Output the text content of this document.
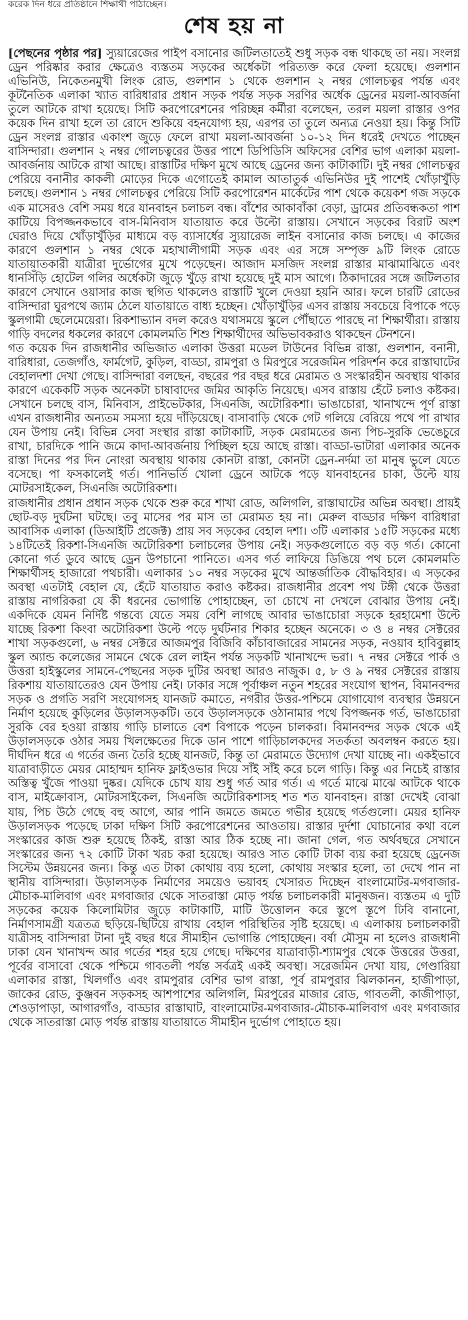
করেক দিন ধরে প্রতিষ্ঠানে শিক্ষার্থী পাঠাচ্ছেন।
শেষ হয় না

[পেছনের পৃষ্ঠার পর] স্যুয়ারেজের পাইপ বসানোর জটিলতাতেই শুধু সড়ক বন্ধ থাকছে তা নয়। সংলগ্ন ড্রেন পরিষ্কার করার ক্ষেত্রেও ব্যস্ততম সড়কের অর্ধেকটা পরিত্যক্ত করে ফেলা হয়েছে। গুলশান এভিনিউ, নিকেতনমুখী লিংক রোড, গুলশান ১ থেকে গুলশান ২ নম্বর গোলচত্বর পর্যন্ত এবং কূটনৈতিক এলাকা খ্যাত বারিধারার প্রধান সড়ক পর্যন্ত সড়ক সরণির অর্ধেক ড্রেনের ময়লা-আবর্জনা তুলে আটকে রাখা হয়েছে। সিটি করপোরেশনের পরিচ্ছন্ন কর্মীরা বলেছেন, তরল ময়লা রাস্তার ওপর কয়েক দিন রাখা হলে তা রোদে শুকিয়ে বহনযোগ্য হয়, এরপর তা তুলে অন্যত্র নেওয়া হয়। কিন্তু সিটি ড্রেন সংলগ্ন রাস্তার একাংশ জুড়ে ফেলে রাখা ময়লা-আবর্জনা ১০-১২ দিন ধরেই দেখতে পাচ্ছেন বাসিন্দারা। গুলশান ২ নম্বর গোলচত্বরের উত্তর পাশে ডিপিডিসি অফিসের বেশির ভাগ এলাকা ময়লা-আবর্জনায় আটকে রাখা আছে। রাস্তাটির দক্ষিণ মুখে আছে ড্রেনের জন্য কাটাকাটি। দুই নম্বর গোলচত্বর পেরিয়ে বনানীর কাকলী মোড়ের দিকে এগোতেই কামাল আতাতুর্ক এভিনিউর দুই পাশেই খোঁড়াখুঁড়ি চলছে। গুলশান ১ নম্বর গোলচত্বর পেরিয়ে সিটি করপোরেশন মার্কেটের পাশ থেকে কয়েকশ গজ সড়কে এক মাসেরও বেশি সময় ধরে যানবাহন চলাচল বন্ধ। বাঁশের আকাবাঁকা বেড়া, ড্রামের প্রতিবন্ধকতা পাশ কাটিয়ে বিপজ্জনকভাবে বাস-মিনিবাস যাতায়াত করে উল্টো রাস্তায়। সেখানে সড়কের বিরাট অংশ ঘেরাও দিয়ে খোঁড়াখুঁড়ির মাধ্যমে বড় ব্যাসার্ধের স্যুয়ারেজ লাইন বসানোর কাজ চলছে। এ কাজের কারণে গুলশান ১ নম্বর থেকে মহাখালীগামী সড়ক এবং এর সঙ্গে সম্পৃক্ত ৯টি লিংক রোডে যাতায়াতকারী যাত্রীরা দুর্ভোগের মুখে পড়েছেন। আজাদ মসজিদ সংলগ্ন রাস্তার মাঝামাঝিতে এবং ধানসিঁড়ি হোটেল গলির অর্ধেকটা জুড়ে খুঁড়ে রাখা হয়েছে দুই মাস আগে। ঠিকাদারের সঙ্গে জটিলতার কারণে সেখানে ওয়াসার কাজ স্থগিত থাকলেও রাস্তাটি খুলে দেওয়া হয়নি আর। ফলে চারটি রোডের বাসিন্দারা ঘুরপথে জ্যাম ঠেলে যাতায়াতে বাধ্য হচ্ছেন। খোঁড়াখুঁড়ির এসব রাস্তায় সবচেয়ে বিপাকে পড়ে স্কুলগামী ছেলেমেয়েরা। রিকশাভ্যান বদল করেও যথাসময়ে স্কুলে পৌঁছাতে পারছে না শিক্ষার্থীরা। রাস্তায় গাড়ি বদলের ধকলের কারণে কোমলমতি শিশু শিক্ষার্থীদের অভিভাবকরাও থাকছেন টেনশনে।

গত কয়েক দিন রাজধানীর অভিজাত এলাকা উত্তরা মডেল টাউনের বিভিন্ন রাস্তা, গুলশান, বনানী, বারিধারা, তেজগাঁও, ফার্মগেট, কুড়িল, বাড্ডা, রামপুরা ও মিরপুরে সরেজমিন পরিদর্শন করে রাস্তাঘাটের বেহালদশা দেখা গেছে। বাসিন্দারা বলছেন, বছরের পর বছর ধরে মেরামত ও সংস্কারহীন অবস্থায় থাকার কারণে একেকটি সড়ক অনেকটা চাষাবাদের জমির আকৃতি নিয়েছে। এসব রাস্তায় হেঁটে চলাও কষ্টকর। সেখানে চলছে বাস, মিনিবাস, প্রাইভেটকার, সিএনজি, অটোরিকশা। ভাঙাচোরা, খানাখন্দে পূর্ণ রাস্তা এখন রাজধানীর অন্যতম সমস্যা হয়ে দাঁড়িয়েছে। বাসাবাড়ি থেকে গেট গলিয়ে বেরিয়ে পথে পা রাখার যেন উপায় নেই। বিভিন্ন সেবা সংস্থার রাস্তা কাটাকাটি, সড়ক মেরামতের জন্য পিচ-সুরকি ভেঙেচুরে রাখা, চারদিকে পানি জমে কাদা-আবর্জনায় পিচ্ছিল হয়ে আছে রাস্তা। বাড্ডা-ভাটারা এলাকার অনেক রাস্তা দিনের পর দিন নোংরা অবস্থায় থাকায় কোনটা রাস্তা, কোনটা ড্রেন-নর্দমা তা মানুষ ভুলে যেতে বসেছে। পা ফসকালেই গর্ত। পানিভর্তি খোলা ড্রেনে আটকে পড়ে যানবাহনের চাকা, উল্টে যায় মোটরসাইকেল, সিএনজি অটোরিকশা।

রাজধানীর প্রধান প্রধান সড়ক থেকে শুরু করে শাখা রোড, অলিগলি, রাস্তাঘাটের অভিন্ন অবস্থা। প্রায়ই ছোট-বড় দুর্ঘটনা ঘটছে। তবু মাসের পর মাস তা মেরামত হয় না। মেরুল বাড্ডার দক্ষিণ বারিধারা আবাসিক এলাকা (ডিআইটি প্রজেক্ট) প্রায় সব সড়কের বেহাল দশা। ৩টি এলাকার ১৫টি সড়কের মধ্যে ১৪টিতেই রিকশা-সিএনজি অটোরিকশা চলাচলের উপায় নেই। সড়কগুলোতে বড় বড় গর্ত। কোনো কোনো গর্ত ডুবে আছে ড্রেন উপচানো পানিতে। এসব গর্ত লাফিয়ে ডিঙিয়ে পথ চলে কোমলমতি শিক্ষার্থীসহ হাজারো পথচারী। এলাকার ১০ নম্বর সড়কের মুখে আন্তর্জাতিক বৌদ্ধবিহার। এ সড়কের অবস্থা এতটাই বেহাল যে, হেঁটে যাতায়াত করাও কষ্টকর। রাজধানীর প্রবেশ পথ টঙ্গী থেকে উত্তরা রাস্তায় নাগরিকরা যে কী ধরনের ভোগান্তি পোহাচ্ছেন, তা চোখে না দেখলে বোঝার উপায় নেই। একদিকে যেমন নির্দিষ্ট গন্তব্যে যেতে সময় বেশি লাগছে আবার ভাঙাচোরা সড়কে হরহামেশা উল্টে যাচ্ছে রিকশা কিংবা অটোরিকশা উল্টে পড়ে দুর্ঘটনার শিকার হচ্ছেন অনেকে। ৩ ও ৪ নম্বর সেক্টরের শাখা সড়কগুলো, ৬ নম্বর সেক্টরে আজমপুর বিজিবি কাঁচাবাজারের সামনের সড়ক, নওয়াব হাবিবুল্লাহ স্কুল অ্যান্ড কলেজের সামনে থেকে রেল লাইন পর্যন্ত সড়কটি খানাখন্দে ভরা। ৭ নম্বর সেক্টরে পার্ক ও উত্তরা হাইস্কুলের সামনে-পেছনের সড়ক দুটির অবস্থা আরও নাজুক। ৫, ৮ ও ৯ নম্বর সেক্টরের রাস্তায় রিকশায় যাতায়াতেরও যেন উপায় নেই। ঢাকার সঙ্গে পূর্বাঞ্চল নতুন শহরের সংযোগ স্থাপন, বিমানবন্দর সড়ক ও প্রগতি সরণি সংযোগসহ যানজট কমাতে, নগরীর উত্তর-পশ্চিমে যোগাযোগ ব্যবস্থার উন্নয়নে নির্মাণ হয়েছে কুড়িলের উড়ালসড়কটি। তবে উড়ালসড়কে ওঠানামার পথে বিপজ্জনক গর্ত, ভাঙাচোরা সুরকি বের হওয়া রাস্তায় গাড়ি চালাতে বেশ বিপাকে পড়েন চালকরা। বিমানবন্দর সড়ক থেকে এই উড়ালসড়কে ওঠার সময় খিলক্ষেতের দিকে ডান পাশে গাড়িচালকদের সতর্কতা অবলম্বন করতে হয়। দীর্ঘদিন ধরে এ গর্তের জন্য তৈরি হচ্ছে যানজট, কিন্তু তা মেরামতে উদ্যোগ দেখা যাচ্ছে না। একইভাবে যাত্রাবাড়ীতে মেয়র মোহাম্মদ হানিফ ফ্লাইওভার দিয়ে সাঁই সাঁই করে চলে গাড়ি। কিন্তু এর নিচেই রাস্তার অস্তিত্ব খুঁজে পাওয়া দুষ্কর। যেদিকে চোখ যায় শুধু গর্ত আর গর্ত। এ গর্তে মাঝে মাঝে আটকে থাকে বাস, মাইক্রোবাস, মোটরসাইকেল, সিএনজি অটোরিকশাসহ শত শত যানবাহন। রাস্তা দেখেই বোঝা যায়, পিচ উঠে গেছে বহু আগে, আর পানি জমতে জমতে গভীর হয়েছে গর্তগুলো। মেয়র হানিফ উড়ালসড়ক পড়েছে ঢাকা দক্ষিণ সিটি করপোরেশনের আওতায়। রাস্তার দুর্দশা ঘোচানোর কথা বলে সংস্কারের কাজ শুরু হয়েছে ঠিকই, রাস্তা আর ঠিক হচ্ছে না। জানা গেল, গত অর্থবছরে সেখানে সংস্কারের জন্য ৭২ কোটি টাকা খরচ করা হয়েছে। আরও সাত কোটি টাকা ব্যয় করা হয়েছে ড্রেনেজ সিস্টেম উন্নয়নের জন্য। কিন্তু এত টাকা কোথায় ব্যয় হলো, কোথায় সংস্কার হলো, তা দেখে পান না স্থানীয় বাসিন্দারা। উড়ালসড়ক নির্মাণের সময়েও ভয়াবহ খেসারত দিচ্ছেন বাংলামোটর-মগবাজার-মৌচাক-মালিবাগ এবং মগবাজার থেকে সাতরাস্তা মোড় পর্যন্ত চলাচলকারী মানুষজন। ব্যস্ততম এ দুটি সড়কের কয়েক কিলোমিটার জুড়ে কাটাকাটি, মাটি উত্তোলন করে স্তূপে স্তূপে ঢিবি বানানো, নির্মাণসামগ্রী যত্রতত্র ছড়িয়ে-ছিটিয়ে রাখায় বেহাল পরিস্থিতির সৃষ্টি হয়েছে। এ এলাকায় চলাচলকারী যাত্রীসহ বাসিন্দারা টানা দুই বছর ধরে সীমাহীন ভোগান্তি পোহাচ্ছেন। বর্ষা মৌসুম না হলেও রাজধানী ঢাকা যেন খানাখন্দ আর গর্তের শহর হয়ে গেছে। দক্ষিণের যাত্রাবাড়ী-শ্যামপুর থেকে উত্তরের উত্তরা, পূর্বের বাসাবো থেকে পশ্চিমে গাবতলী পর্যন্ত সর্বত্রই একই অবস্থা। সরেজমিন দেখা যায়, গেণ্ডারিয়া এলাকার রাস্তা, খিলগাঁও এবং রামপুরার বেশির ভাগ রাস্তা, পূর্ব রামপুরার ঝিলকানন, হাজীপাড়া, জাকের রোড, কুঞ্জবন সড়কসহ আশপাশের অলিগলি, মিরপুরের মাজার রোড, গাবতলী, কাজীপাড়া, শেওড়াপাড়া, আগারগাঁও, বাড্ডার রাস্তাঘাট, বাংলামোটর-মগবাজার-মৌচাক-মালিবাগ এবং মগবাজার থেকে সাতরাস্তা মোড় পর্যন্ত রাস্তায় যাতায়াতে সীমাহীন দুর্ভোগ পোহাতে হয়।
